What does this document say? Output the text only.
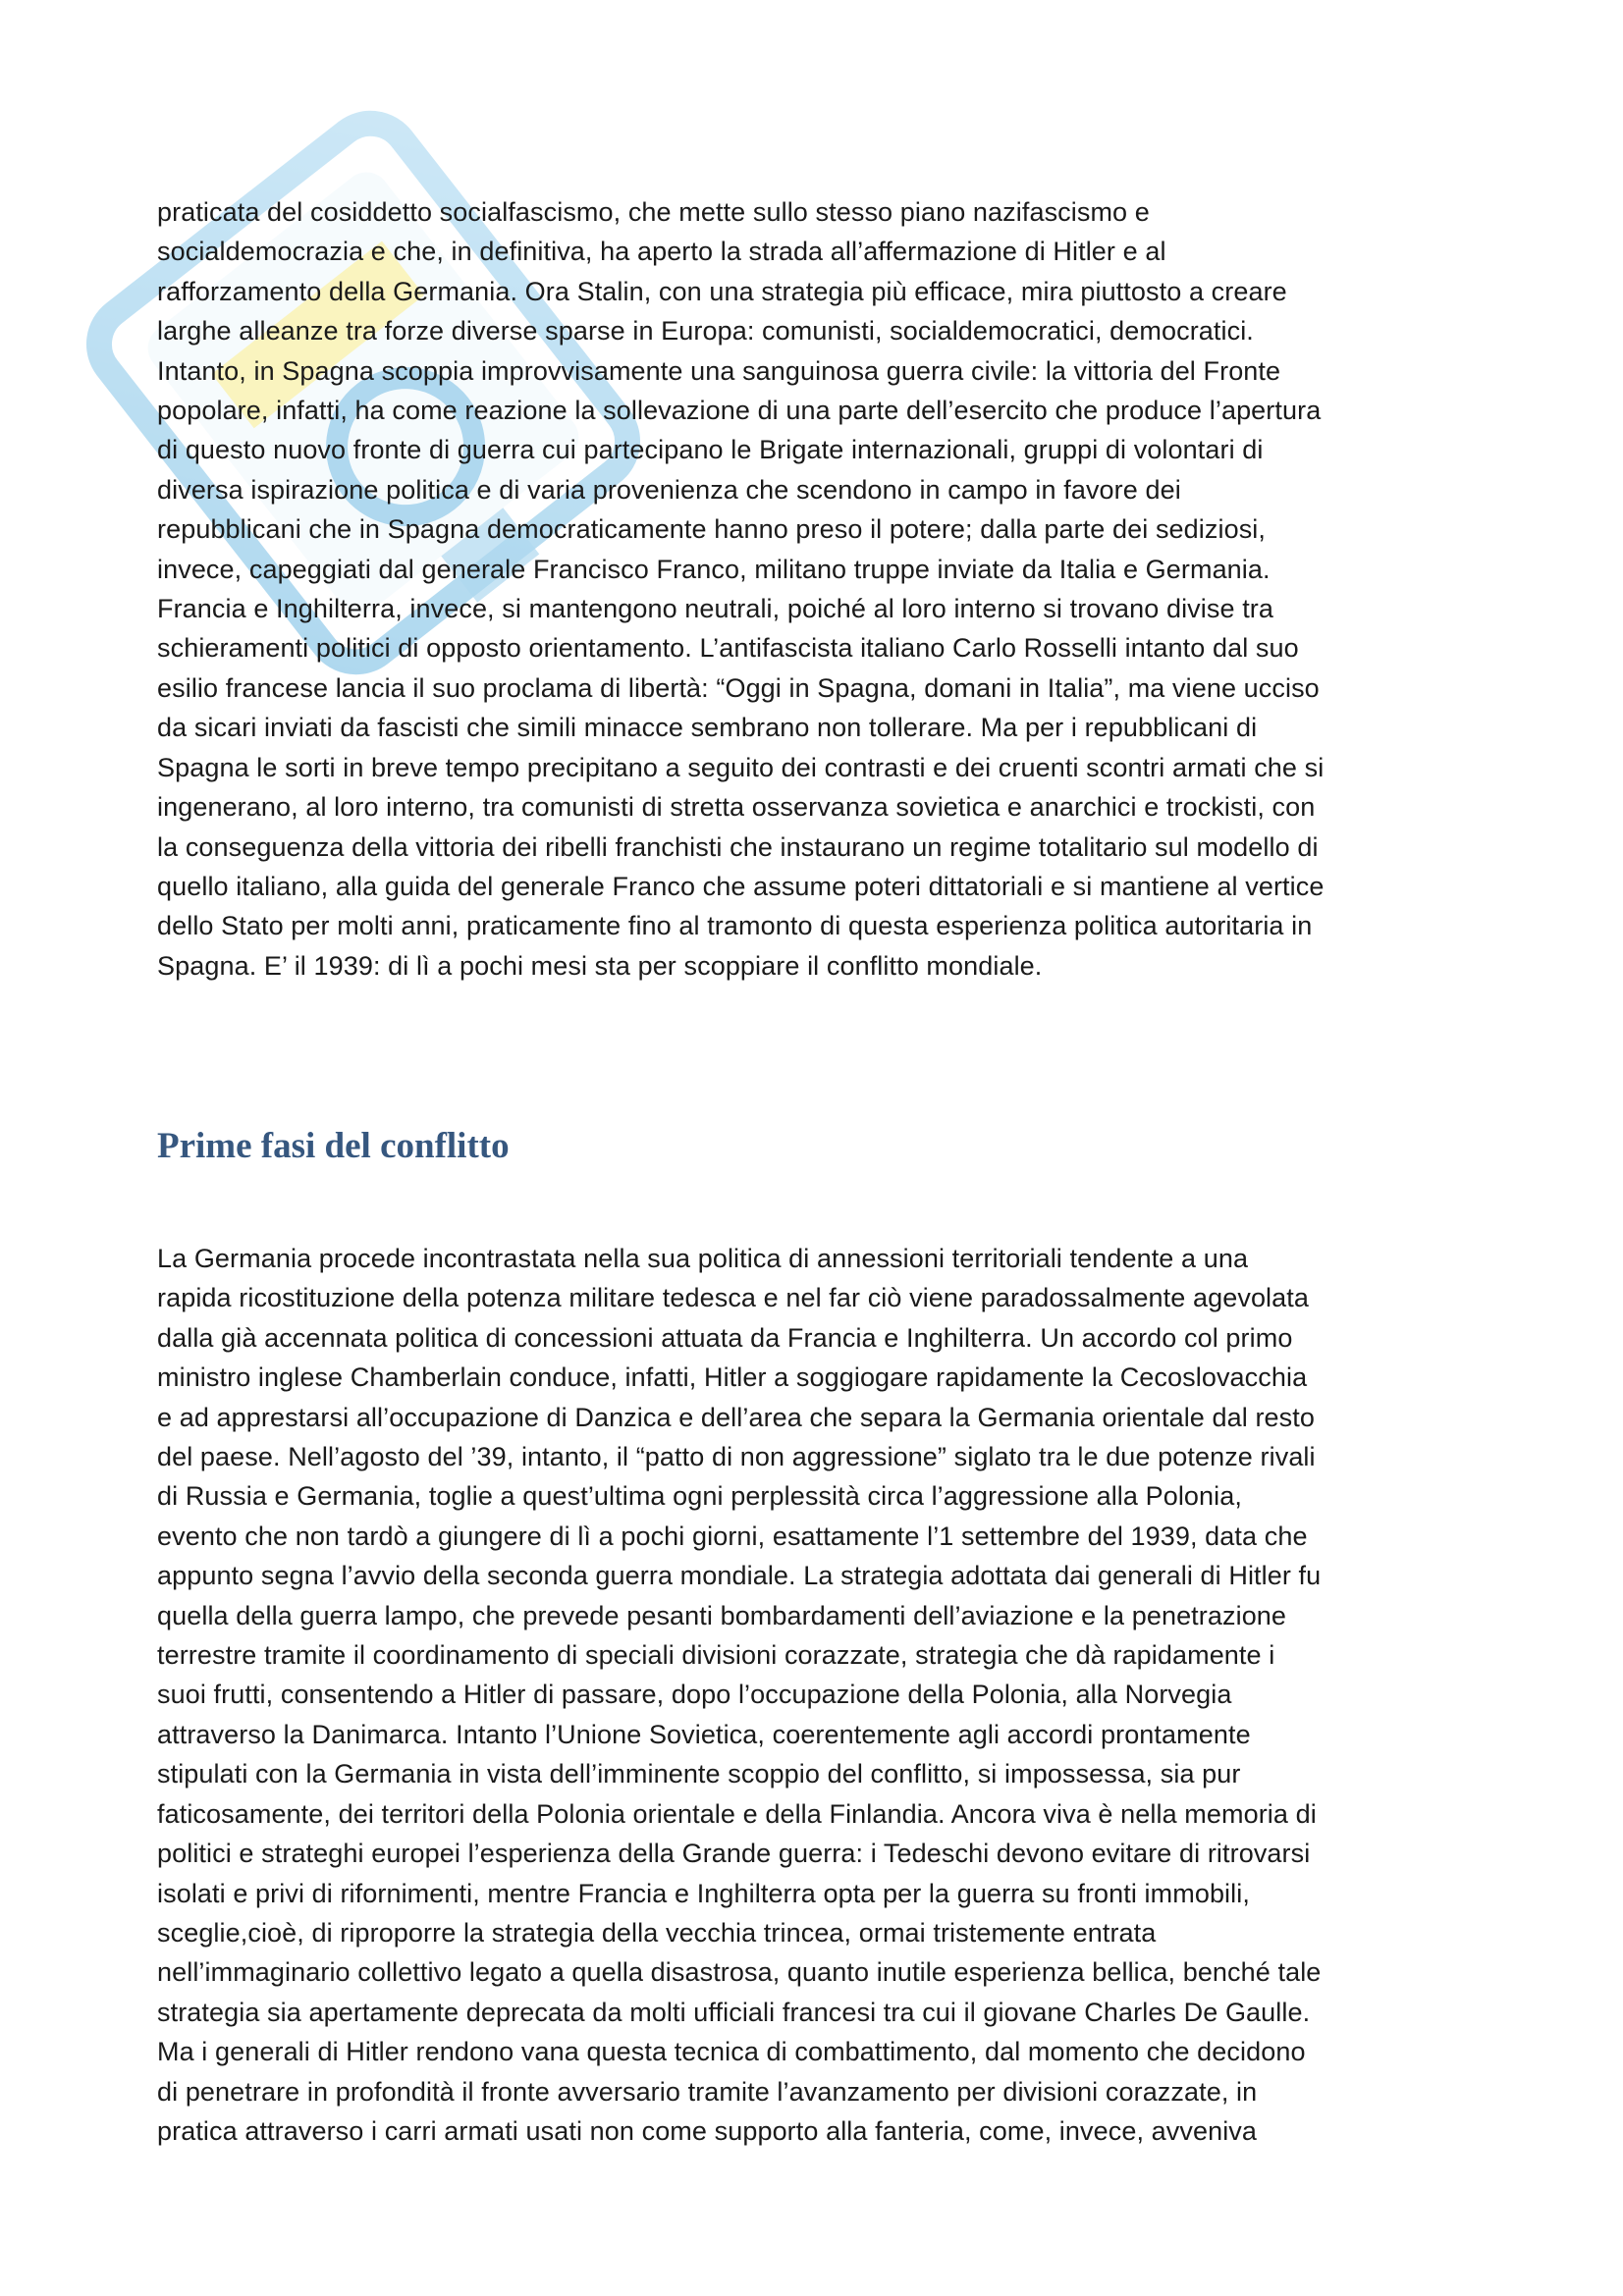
praticata del cosiddetto socialfascismo, che mette sullo stesso piano nazifascismo e
socialdemocrazia e che, in definitiva, ha aperto la strada all’affermazione di Hitler e al
rafforzamento della Germania. Ora Stalin, con una strategia più efficace, mira piuttosto a creare
larghe alleanze tra forze diverse sparse in Europa: comunisti, socialdemocratici, democratici.
Intanto, in Spagna scoppia improvvisamente una sanguinosa guerra civile: la vittoria del Fronte
popolare, infatti, ha come reazione la sollevazione di una parte dell’esercito che produce l’apertura
di questo nuovo fronte di guerra cui partecipano le Brigate internazionali, gruppi di volontari di
diversa ispirazione politica e di varia provenienza che scendono in campo in favore dei
repubblicani che in Spagna democraticamente hanno preso il potere; dalla parte dei sediziosi,
invece, capeggiati dal generale Francisco Franco, militano truppe inviate da Italia e Germania.
Francia e Inghilterra, invece, si mantengono neutrali, poiché al loro interno si trovano divise tra
schieramenti politici di opposto orientamento. L’antifascista italiano Carlo Rosselli intanto dal suo
esilio francese lancia il suo proclama di libertà: “Oggi in Spagna, domani in Italia”, ma viene ucciso
da sicari inviati da fascisti che simili minacce sembrano non tollerare. Ma per i repubblicani di
Spagna le sorti in breve tempo precipitano a seguito dei contrasti e dei cruenti scontri armati che si
ingenerano, al loro interno, tra comunisti di stretta osservanza sovietica e anarchici e trockisti, con
la conseguenza della vittoria dei ribelli franchisti che instaurano un regime totalitario sul modello di
quello italiano, alla guida del generale Franco che assume poteri dittatoriali e si mantiene al vertice
dello Stato per molti anni, praticamente fino al tramonto di questa esperienza politica autoritaria in
Spagna. E’ il 1939: di lì a pochi mesi sta per scoppiare il conflitto mondiale.

Prime fasi del conflitto

La Germania procede incontrastata nella sua politica di annessioni territoriali tendente a una
rapida ricostituzione della potenza militare tedesca e nel far ciò viene paradossalmente agevolata
dalla già accennata politica di concessioni attuata da Francia e Inghilterra. Un accordo col primo
ministro inglese Chamberlain conduce, infatti, Hitler a soggiogare rapidamente la Cecoslovacchia
e ad apprestarsi all’occupazione di Danzica e dell’area che separa la Germania orientale dal resto
del paese. Nell’agosto del ’39, intanto, il “patto di non aggressione” siglato tra le due potenze rivali
di Russia e Germania, toglie a quest’ultima ogni perplessità circa l’aggressione alla Polonia,
evento che non tardò a giungere di lì a pochi giorni, esattamente l’1 settembre del 1939, data che
appunto segna l’avvio della seconda guerra mondiale. La strategia adottata dai generali di Hitler fu
quella della guerra lampo, che prevede pesanti bombardamenti dell’aviazione e la penetrazione
terrestre tramite il coordinamento di speciali divisioni corazzate, strategia che dà rapidamente i
suoi frutti, consentendo a Hitler di passare, dopo l’occupazione della Polonia, alla Norvegia
attraverso la Danimarca. Intanto l’Unione Sovietica, coerentemente agli accordi prontamente
stipulati con la Germania in vista dell’imminente scoppio del conflitto, si impossessa, sia pur
faticosamente, dei territori della Polonia orientale e della Finlandia. Ancora viva è nella memoria di
politici e strateghi europei l’esperienza della Grande guerra: i Tedeschi devono evitare di ritrovarsi
isolati e privi di rifornimenti, mentre Francia e Inghilterra opta per la guerra su fronti immobili,
sceglie,cioè, di riproporre la strategia della vecchia trincea, ormai tristemente entrata
nell’immaginario collettivo legato a quella disastrosa, quanto inutile esperienza bellica, benché tale
strategia sia apertamente deprecata da molti ufficiali francesi tra cui il giovane Charles De Gaulle.
Ma i generali di Hitler rendono vana questa tecnica di combattimento, dal momento che decidono
di penetrare in profondità il fronte avversario tramite l’avanzamento per divisioni corazzate, in
pratica attraverso i carri armati usati non come supporto alla fanteria, come, invece, avveniva
